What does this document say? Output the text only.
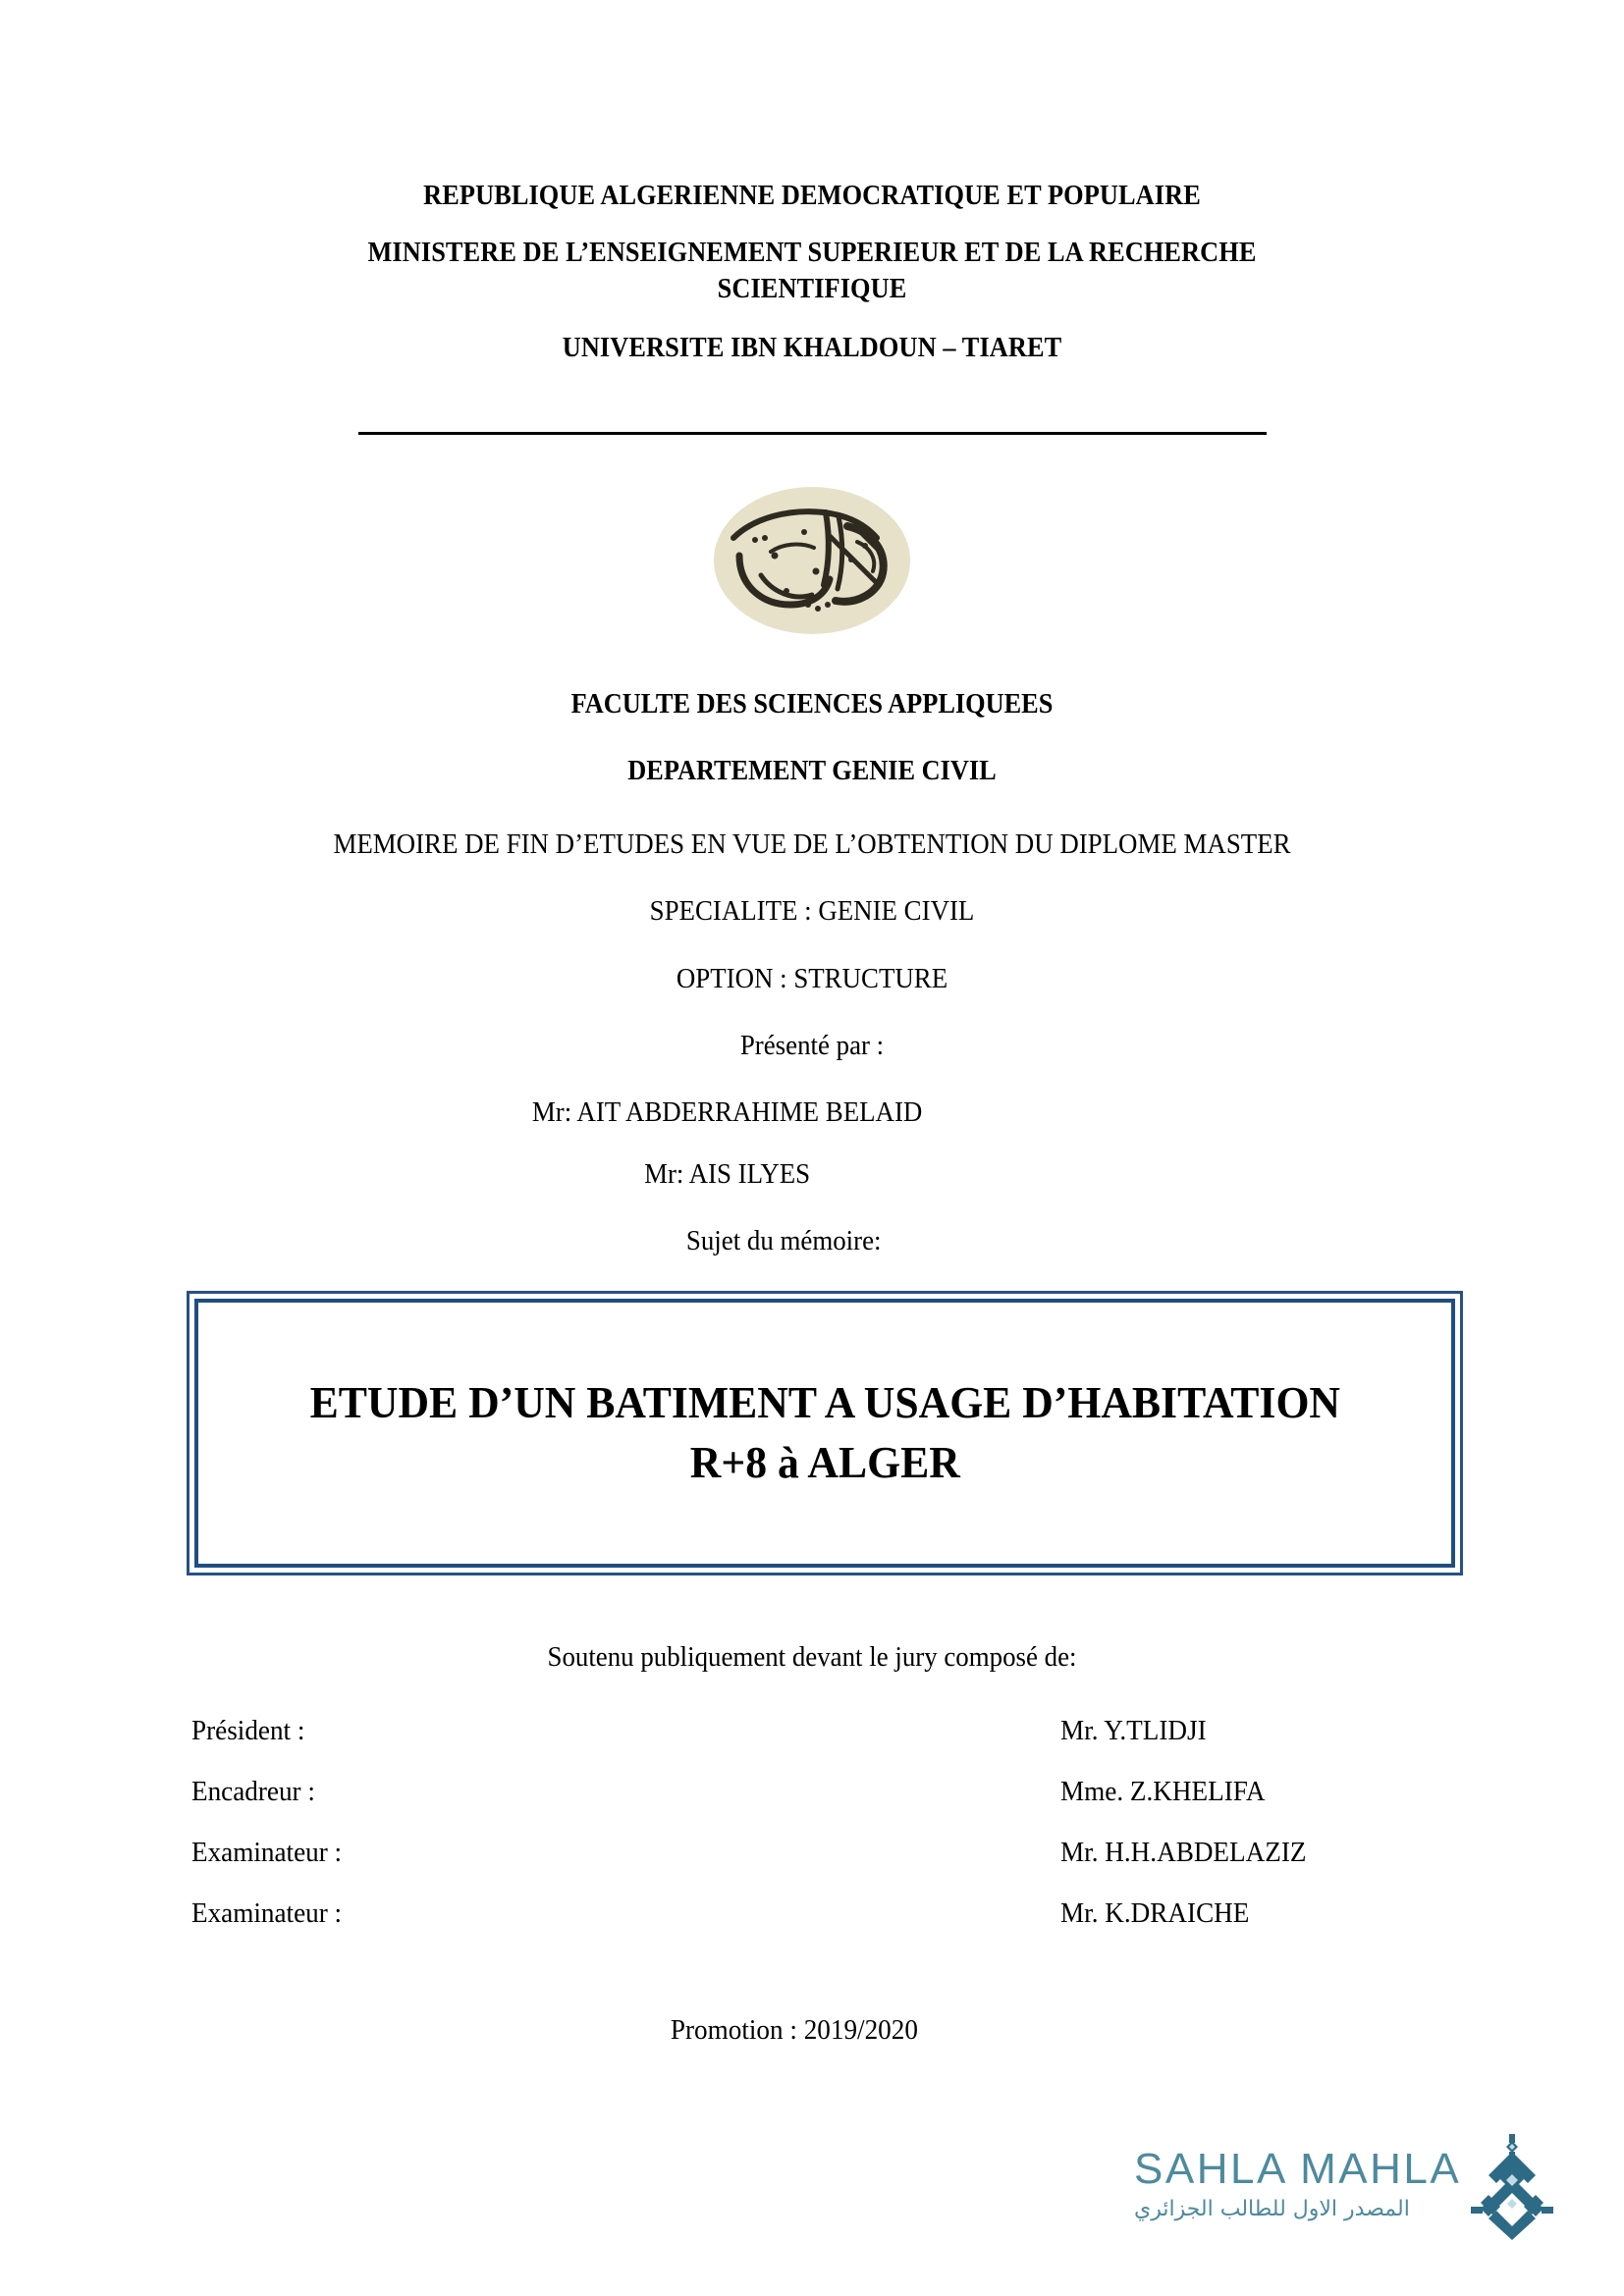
REPUBLIQUE ALGERIENNE DEMOCRATIQUE ET POPULAIRE
MINISTERE DE L’ENSEIGNEMENT SUPERIEUR ET DE LA RECHERCHE
SCIENTIFIQUE
UNIVERSITE IBN KHALDOUN – TIARET
FACULTE DES SCIENCES APPLIQUEES
DEPARTEMENT GENIE CIVIL
MEMOIRE DE FIN D’ETUDES EN VUE DE L’OBTENTION DU DIPLOME MASTER
SPECIALITE : GENIE CIVIL
OPTION : STRUCTURE
Présenté par :
Mr: AIT ABDERRAHIME BELAID
Mr: AIS ILYES
Sujet du mémoire:
ETUDE D’UN BATIMENT A USAGE D’HABITATION
R+8 à ALGER
Soutenu publiquement devant le jury composé de:
Président :	Mr. Y.TLIDJI
Encadreur :	Mme. Z.KHELIFA
Examinateur :	Mr. H.H.ABDELAZIZ
Examinateur :	Mr. K.DRAICHE
Promotion : 2019/2020
SAHLA MAHLA
المصدر الاول للطالب الجزائري
